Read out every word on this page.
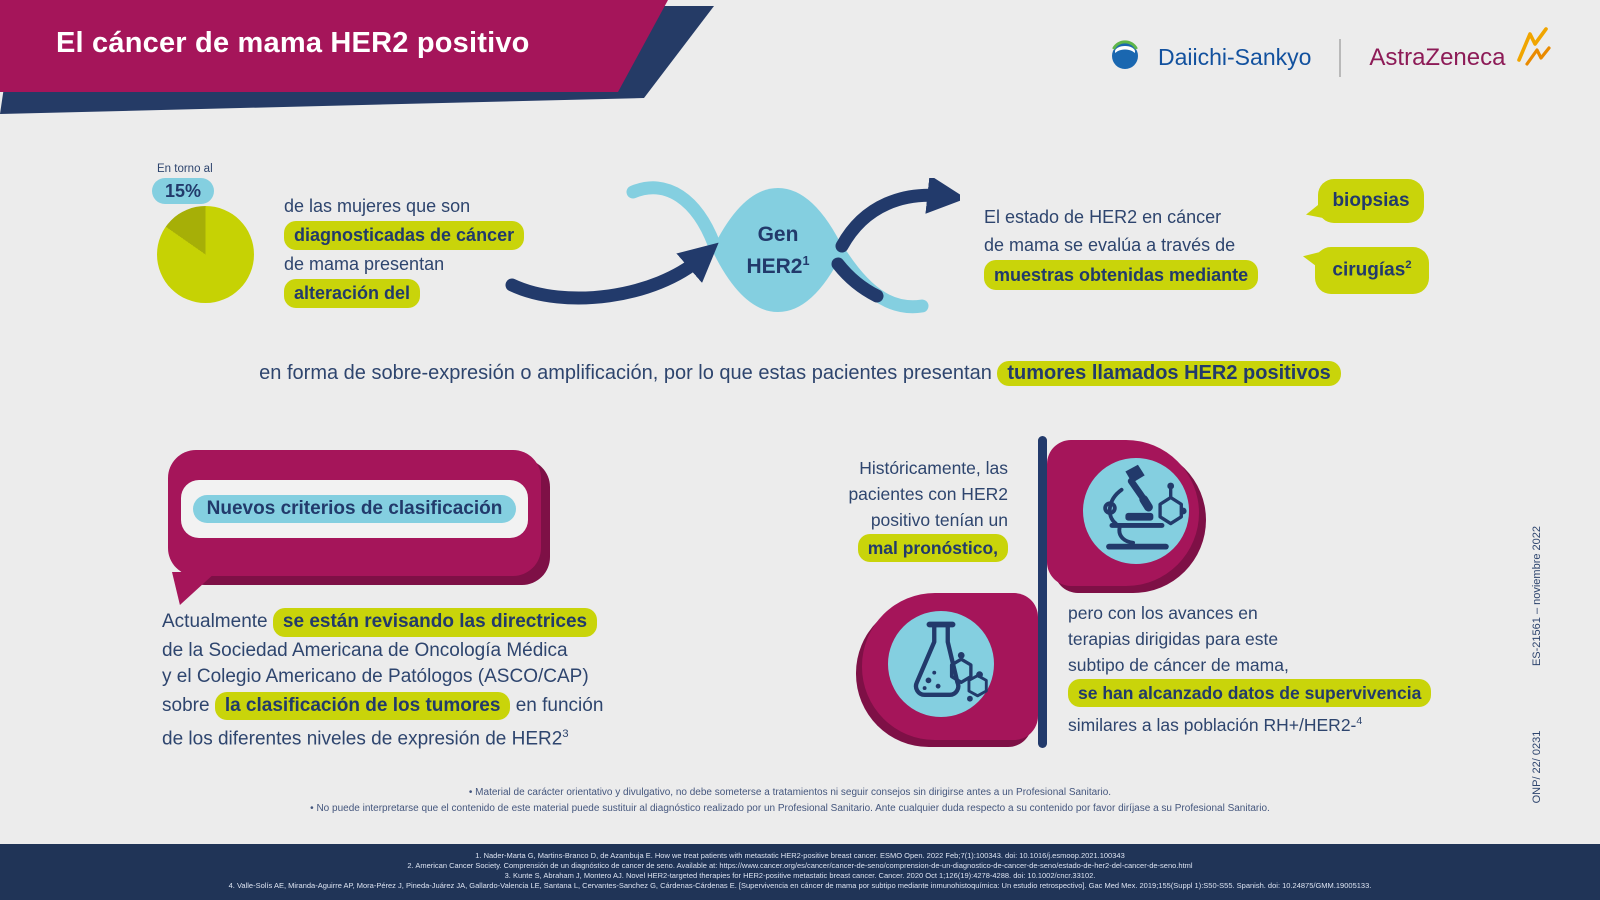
El cáncer de mama HER2 positivo	Daiichi-Sankyo AstraZeneca
En torno al
15%
de las mujeres que son
diagnosticadas de cáncer
de mama presentan
alteración del
Gen
$HER2^1$
El estado de HER2 en cáncer
de mama se evalúa a través de
muestras obtenidas mediante
biopsias
cirugías$^2$
en forma de sobre-expresión o amplificación, por lo que estas pacientes presentan tumores llamados HER2 positivos
Nuevos criterios de clasificación
Actualmente se están revisando las directrices
de la Sociedad Americana de Oncología Médica
y el Colegio Americano de Patólogos (ASCO/CAP)
sobre la clasificación de los tumores en función
de los diferentes niveles de expresión de $HER2^3$
Históricamente, las
pacientes con HER2
positivo tenían un
mal pronóstico,
pero con los avances en
terapias dirigidas para este
subtipo de cáncer de mama,
se han alcanzado datos de supervivencia
similares a las población RH+/HER2-$^4$
ES-21561 – noviembre 2022
ONP/ 22/ 0231
• Material de carácter orientativo y divulgativo, no debe someterse a tratamientos ni seguir consejos sin dirigirse antes a un Profesional Sanitario.
• No puede interpretarse que el contenido de este material puede sustituir al diagnóstico realizado por un Profesional Sanitario. Ante cualquier duda respecto a su contenido por favor diríjase a su Profesional Sanitario.
1. Nader-Marta G, Martins-Branco D, de Azambuja E. How we treat patients with metastatic HER2-positive breast cancer. ESMO Open. 2022 Feb;7(1):100343. doi: 10.1016/j.esmoop.2021.100343
2. American Cancer Society. Comprensión de un diagnóstico de cancer de seno. Available at: https://www.cancer.org/es/cancer/cancer-de-seno/comprension-de-un-diagnostico-de-cancer-de-seno/estado-de-her2-del-cancer-de-seno.html
3. Kunte S, Abraham J, Montero AJ. Novel HER2-targeted therapies for HER2-positive metastatic breast cancer. Cancer. 2020 Oct 1;126(19):4278-4288. doi: 10.1002/cncr.33102.
4. Valle-Solís AE, Miranda-Aguirre AP, Mora-Pérez J, Pineda-Juárez JA, Gallardo-Valencia LE, Santana L, Cervantes-Sanchez G, Cárdenas-Cárdenas E. [Supervivencia en cáncer de mama por subtipo mediante inmunohistoquímica: Un estudio retrospectivo]. Gac Med Mex. 2019;155(Suppl 1):S50-S55. Spanish. doi: 10.24875/GMM.19005133.
